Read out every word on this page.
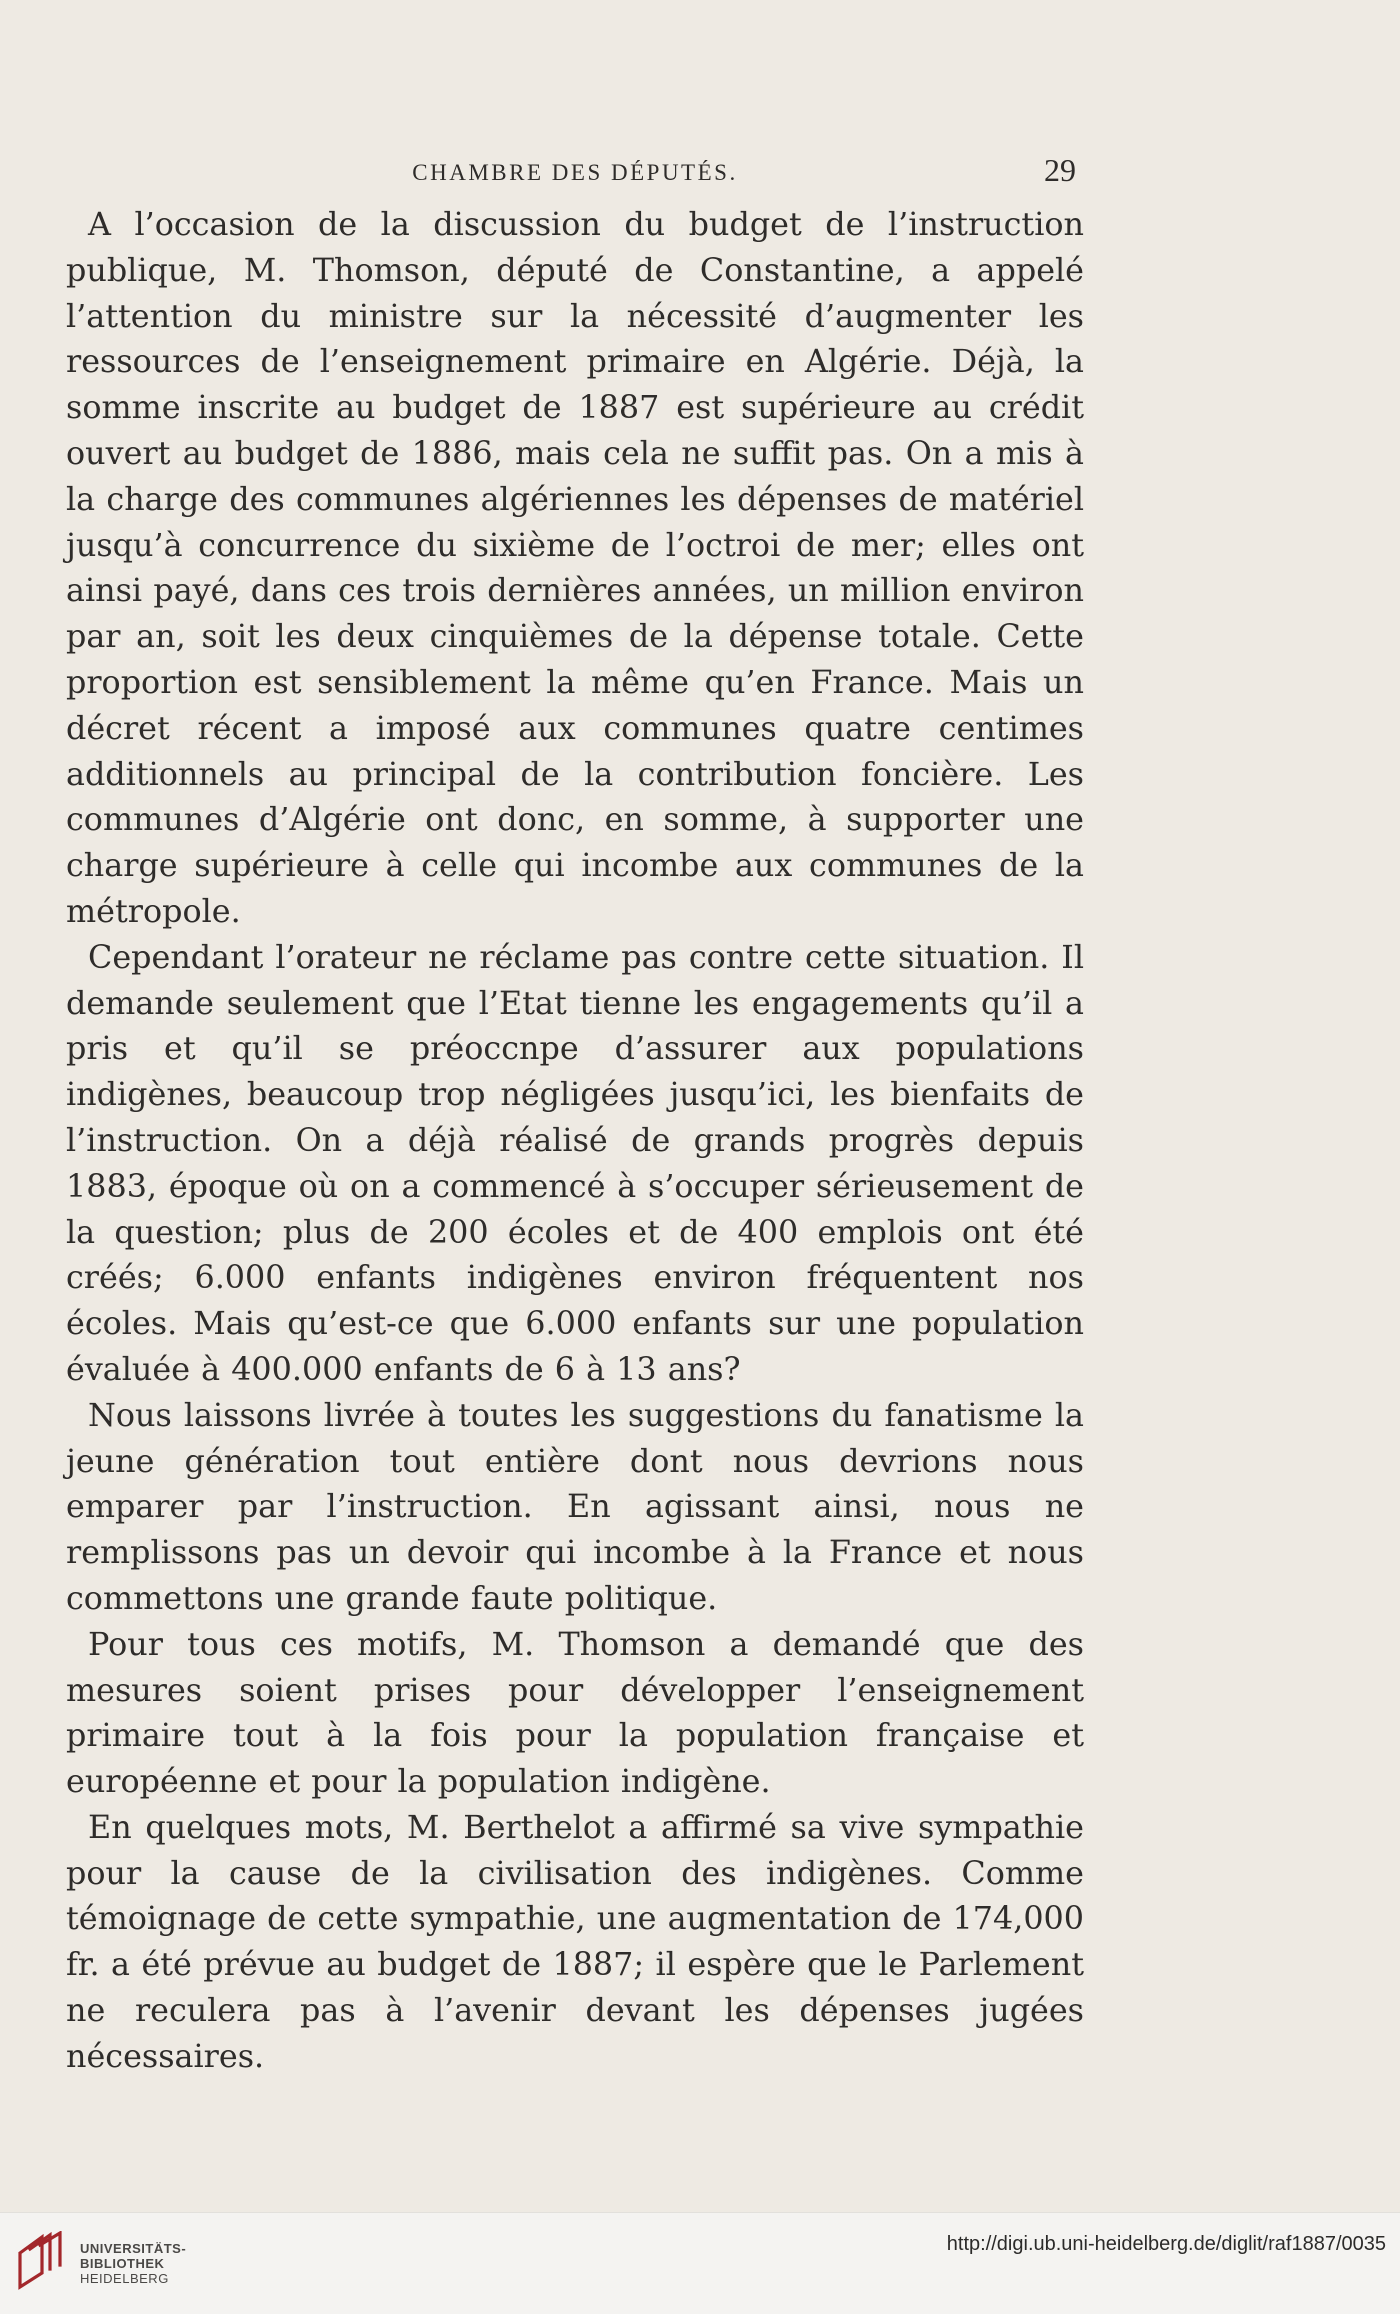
CHAMBRE DES DÉPUTÉS.	29

A l’occasion de la discussion du budget de l’instruction publique, M. Thomson, député de Constantine, a appelé l’attention du ministre sur la nécessité d’augmenter les ressources de l’enseignement primaire en Algérie. Déjà, la somme inscrite au budget de 1887 est supérieure au crédit ouvert au budget de 1886, mais cela ne suffit pas. On a mis à la charge des communes algériennes les dépenses de matériel jusqu’à concurrence du sixième de l’octroi de mer; elles ont ainsi payé, dans ces trois dernières années, un million environ par an, soit les deux cinquièmes de la dépense totale. Cette proportion est sensiblement la même qu’en France. Mais un décret récent a imposé aux communes quatre centimes additionnels au principal de la contribution foncière. Les communes d’Algérie ont donc, en somme, à supporter une charge supérieure à celle qui incombe aux communes de la métropole.

Cependant l’orateur ne réclame pas contre cette situation. Il demande seulement que l’Etat tienne les engagements qu’il a pris et qu’il se préoccnpe d’assurer aux populations indigènes, beaucoup trop négligées jusqu’ici, les bienfaits de l’instruction. On a déjà réalisé de grands progrès depuis 1883, époque où on a commencé à s’occuper sérieusement de la question; plus de 200 écoles et de 400 emplois ont été créés; 6.000 enfants indigènes environ fréquentent nos écoles. Mais qu’est-ce que 6.000 enfants sur une population évaluée à 400.000 enfants de 6 à 13 ans?

Nous laissons livrée à toutes les suggestions du fanatisme la jeune génération tout entière dont nous devrions nous emparer par l’instruction. En agissant ainsi, nous ne remplissons pas un devoir qui incombe à la France et nous commettons une grande faute politique.

Pour tous ces motifs, M. Thomson a demandé que des mesures soient prises pour développer l’enseignement primaire tout à la fois pour la population française et européenne et pour la population indigène.

En quelques mots, M. Berthelot a affirmé sa vive sympathie pour la cause de la civilisation des indigènes. Comme témoignage de cette sympathie, une augmentation de 174,000 fr. a été prévue au budget de 1887; il espère que le Parlement ne reculera pas à l’avenir devant les dépenses jugées nécessaires.

UNIVERSITÄTS-
BIBLIOTHEK
HEIDELBERG
http://digi.ub.uni-heidelberg.de/diglit/raf1887/0035
